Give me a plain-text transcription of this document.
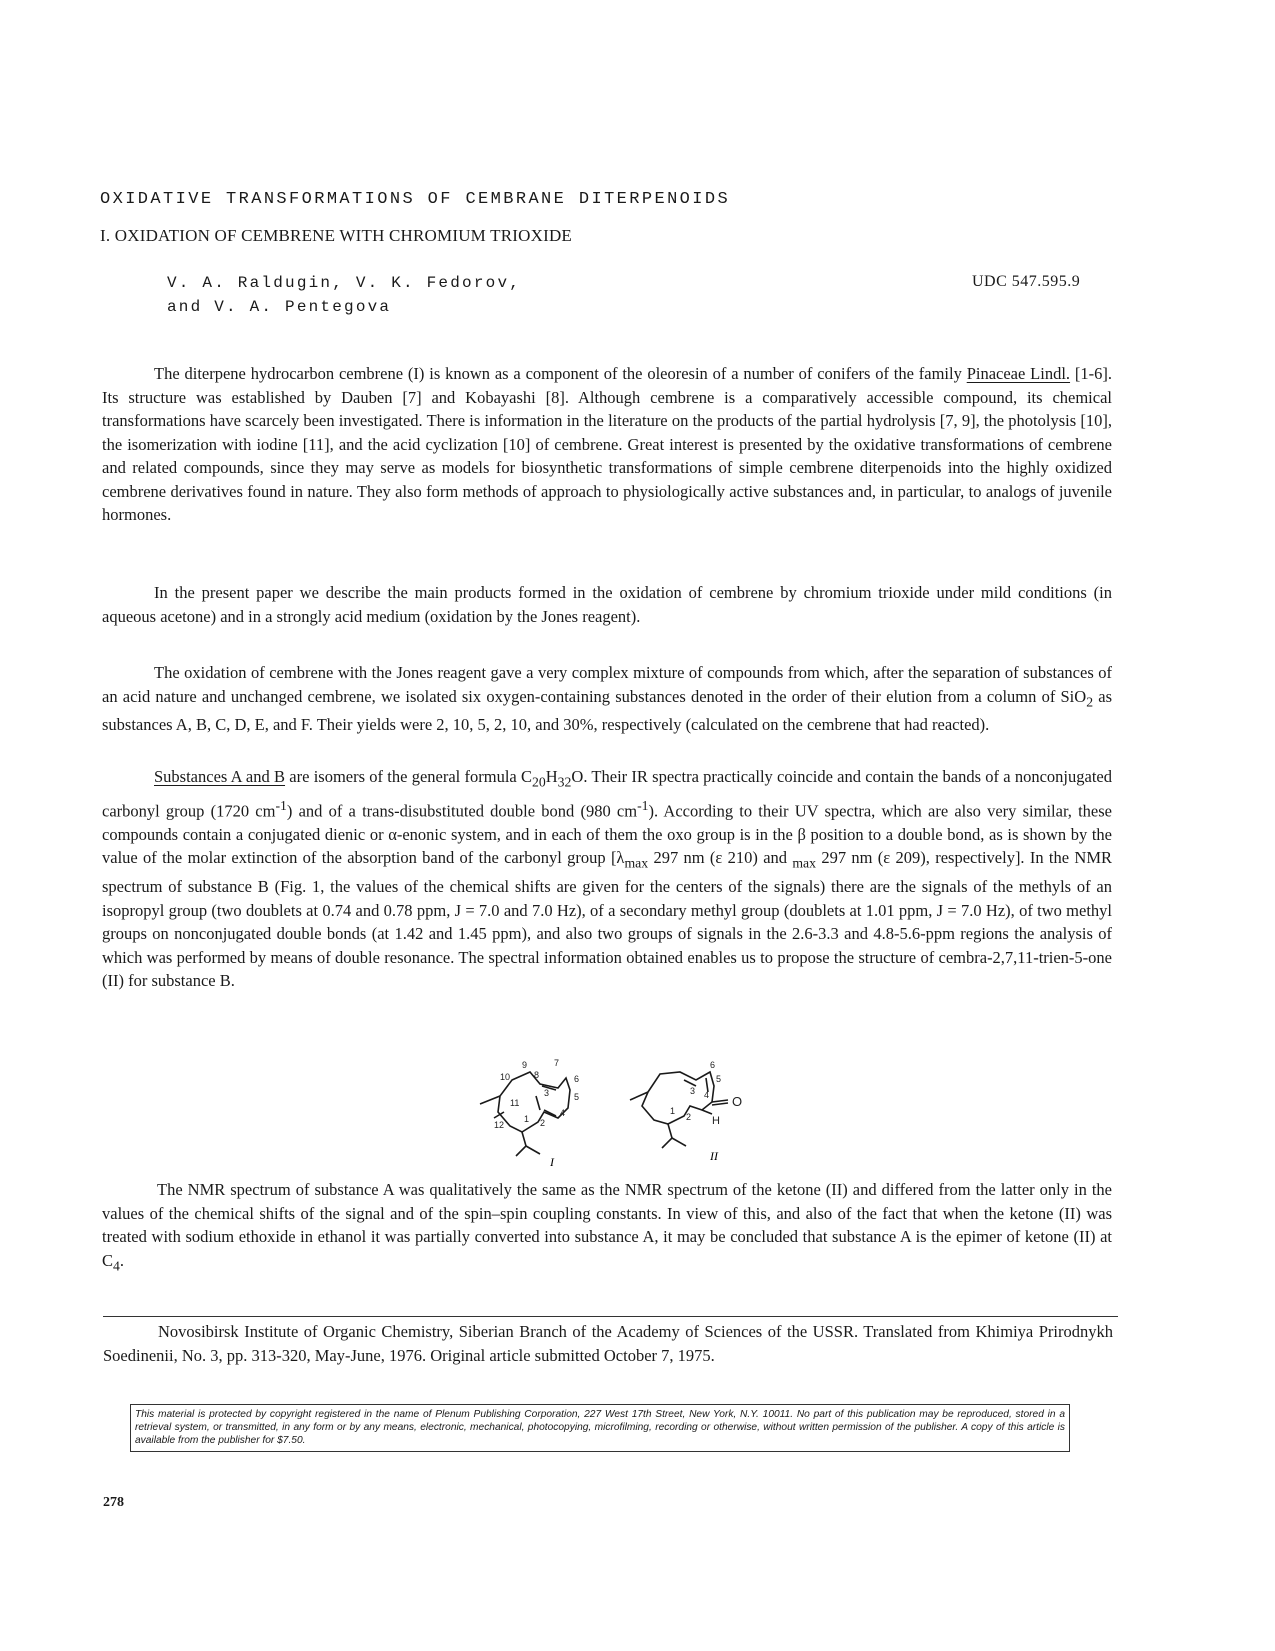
OXIDATIVE TRANSFORMATIONS OF CEMBRANE DITERPENOIDS
I. OXIDATION OF CEMBRENE WITH CHROMIUM TRIOXIDE
V. A. Raldugin, V. K. Fedorov,
and V. A. Pentegova
UDC 547.595.9

The diterpene hydrocarbon cembrene (I) is known as a component of the oleoresin of a number of conifers of the family Pinaceae Lindl. [1-6]. Its structure was established by Dauben [7] and Kobayashi [8]. Although cembrene is a comparatively accessible compound, its chemical transformations have scarcely been investigated. There is information in the literature on the products of the partial hydrolysis [7, 9], the photolysis [10], the isomerization with iodine [11], and the acid cyclization [10] of cembrene. Great interest is presented by the oxidative transformations of cembrene and related compounds, since they may serve as models for biosynthetic transformations of simple cembrene diterpenoids into the highly oxidized cembrene derivatives found in nature. They also form methods of approach to physiologically active substances and, in particular, to analogs of juvenile hormones.

In the present paper we describe the main products formed in the oxidation of cembrene by chromium trioxide under mild conditions (in aqueous acetone) and in a strongly acid medium (oxidation by the Jones reagent).

The oxidation of cembrene with the Jones reagent gave a very complex mixture of compounds from which, after the separation of substances of an acid nature and unchanged cembrene, we isolated six oxygen-containing substances denoted in the order of their elution from a column of SiO$_2$ as substances A, B, C, D, E, and F. Their yields were 2, 10, 5, 2, 10, and 30%, respectively (calculated on the cembrene that had reacted).

Substances A and B are isomers of the general formula $C_{20}H_{32}O$. Their IR spectra practically coincide and contain the bands of a nonconjugated carbonyl group (1720 $cm^{-1}$) and of a trans-disubstituted double bond (980 $cm^{-1}$). According to their UV spectra, which are also very similar, these compounds contain a conjugated dienic or α-enonic system, and in each of them the oxo group is in the β position to a double bond, as is shown by the value of the molar extinction of the absorption band of the carbonyl group [$\lambda_{max}$ 297 nm (ε 210) and $_{max}$ 297 nm (ε 209), respectively]. In the NMR spectrum of substance B (Fig. 1, the values of the chemical shifts are given for the centers of the signals) there are the signals of the methyls of an isopropyl group (two doublets at 0.74 and 0.78 ppm, J = 7.0 and 7.0 Hz), of a secondary methyl group (doublets at 1.01 ppm, J = 7.0 Hz), of two methyl groups on nonconjugated double bonds (at 1.42 and 1.45 ppm), and also two groups of signals in the 2.6-3.3 and 4.8-5.6-ppm regions the analysis of which was performed by means of double resonance. The spectral information obtained enables us to propose the structure of cembra-2,7,11-trien-5-one (II) for substance B.

10
9
8
7
6
5
4
3
11
12
1 2
I
6
5
4
3
1
2
O
H
II

The NMR spectrum of substance A was qualitatively the same as the NMR spectrum of the ketone (II) and differed from the latter only in the values of the chemical shifts of the signal and of the spin–spin coupling constants. In view of this, and also of the fact that when the ketone (II) was treated with sodium ethoxide in ethanol it was partially converted into substance A, it may be concluded that substance A is the epimer of ketone (II) at $C_4$.

Novosibirsk Institute of Organic Chemistry, Siberian Branch of the Academy of Sciences of the USSR. Translated from Khimiya Prirodnykh Soedinenii, No. 3, pp. 313-320, May-June, 1976. Original article submitted October 7, 1975.

This material is protected by copyright registered in the name of Plenum Publishing Corporation, 227 West 17th Street, New York, N.Y. 10011. No part of this publication may be reproduced, stored in a retrieval system, or transmitted, in any form or by any means, electronic, mechanical, photocopying, microfilming, recording or otherwise, without written permission of the publisher. A copy of this article is available from the publisher for $7.50.
278
